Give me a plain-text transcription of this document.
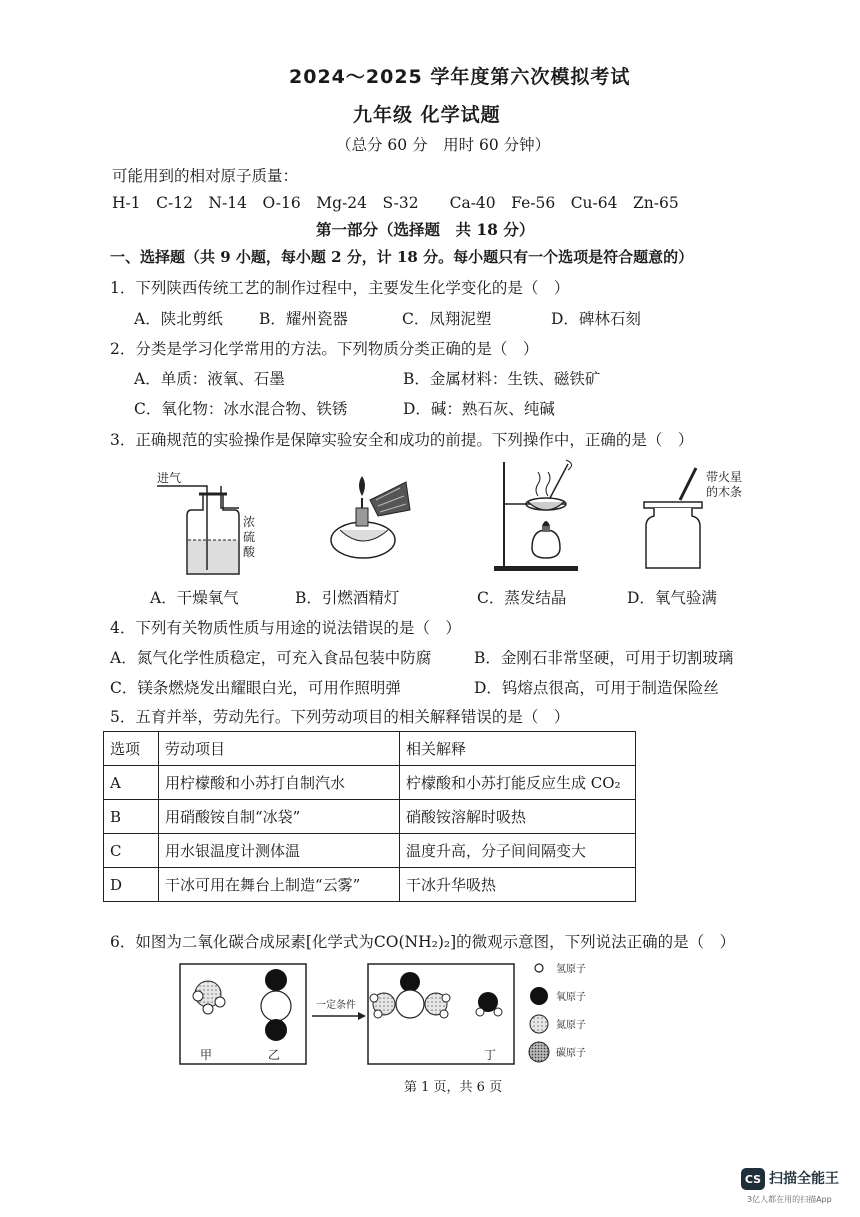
2024～2025 学年度第六次模拟考试
九年级 化学试题
（总分 60 分　用时 60 分钟）
可能用到的相对原子质量：
H-1　C-12　N-14　O-16　Mg-24　S-32　　Ca-40　Fe-56　Cu-64　Zn-65
第一部分（选择题　共 18 分）
一、选择题（共 9 小题，每小题 2 分，计 18 分。每小题只有一个选项是符合题意的）
1．下列陕西传统工艺的制作过程中，主要发生化学变化的是（　）
A．陕北剪纸 B．耀州瓷器	C．凤翔泥塑	D．碑林石刻
2．分类是学习化学常用的方法。下列物质分类正确的是（　）
A．单质：液氧、石墨	B．金属材料：生铁、磁铁矿
C．氧化物：冰水混合物、铁锈	D．碱：熟石灰、纯碱
3．正确规范的实验操作是保障实验安全和成功的前提。下列操作中，正确的是（　）
进气
浓硫酸
带火星的木条
A．干燥氧气	B．引燃酒精灯	C．蒸发结晶	D．氧气验满
4．下列有关物质性质与用途的说法错误的是（　）
A．氮气化学性质稳定，可充入食品包装中防腐	B．金刚石非常坚硬，可用于切割玻璃
C．镁条燃烧发出耀眼白光，可用作照明弹	D．钨熔点很高，可用于制造保险丝
5．五育并举，劳动先行。下列劳动项目的相关解释错误的是（　）
选项	劳动项目	相关解释
A	用柠檬酸和小苏打自制汽水	柠檬酸和小苏打能反应生成 CO₂
B	用硝酸铵自制“冰袋”	硝酸铵溶解时吸热
C	用水银温度计测体温	温度升高，分子间间隔变大
D	干冰可用在舞台上制造“云雾”	干冰升华吸热
6．如图为二氧化碳合成尿素[化学式为CO(NH₂)₂]的微观示意图，下列说法正确的是（　）
一定条件
甲	乙	丁
氢原子
氧原子
氮原子
碳原子
第 1 页，共 6 页
CS 扫描全能王
3亿人都在用的扫描App
